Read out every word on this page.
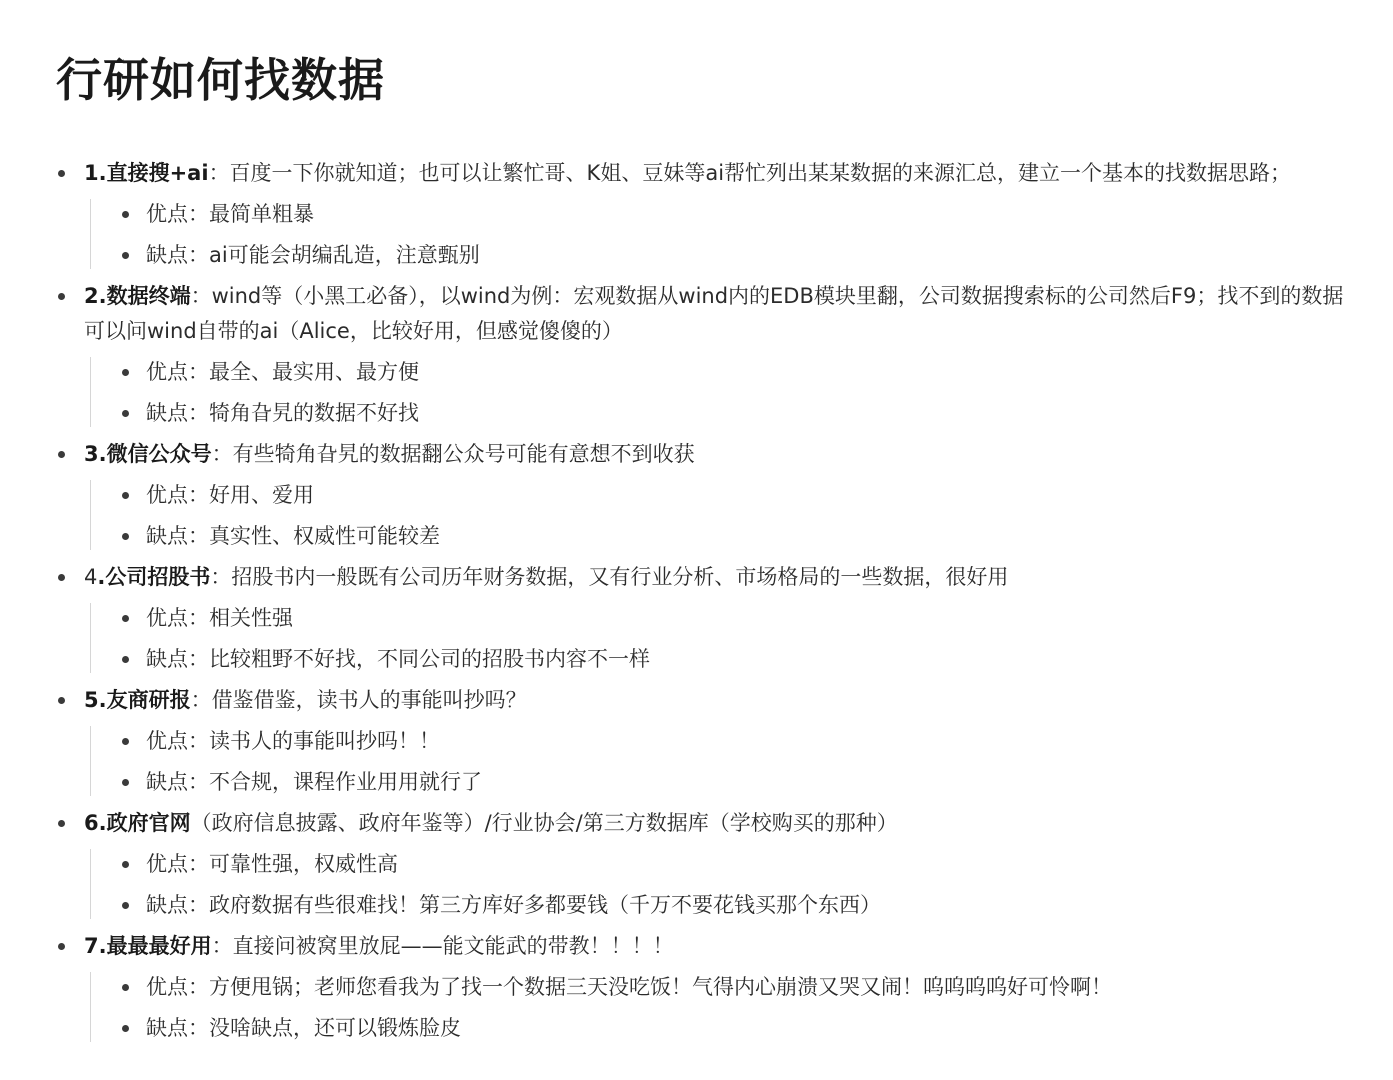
行研如何找数据

1.直接搜+ai：百度一下你就知道；也可以让繁忙哥、K姐、豆妹等ai帮忙列出某某数据的来源汇总，建立一个基本的找数据思路；

优点：最简单粗暴
缺点：ai可能会胡编乱造，注意甄别

2.数据终端：wind等（小黑工必备），以wind为例：宏观数据从wind内的EDB模块里翻，公司数据搜索标的公司然后F9；找不到的数据可以问wind自带的ai（Alice，比较好用，但感觉傻傻的）

优点：最全、最实用、最方便
缺点：犄角旮旯的数据不好找

3.微信公众号：有些犄角旮旯的数据翻公众号可能有意想不到收获

优点：好用、爱用
缺点：真实性、权威性可能较差

4.公司招股书：招股书内一般既有公司历年财务数据，又有行业分析、市场格局的一些数据，很好用

优点：相关性强
缺点：比较粗野不好找，不同公司的招股书内容不一样

5.友商研报：借鉴借鉴，读书人的事能叫抄吗？

优点：读书人的事能叫抄吗！！
缺点：不合规，课程作业用用就行了

6.政府官网（政府信息披露、政府年鉴等）/行业协会/第三方数据库（学校购买的那种）

优点：可靠性强，权威性高
缺点：政府数据有些很难找！第三方库好多都要钱（千万不要花钱买那个东西）

7.最最最好用：直接问被窝里放屁——能文能武的带教！！！！

优点：方便甩锅；老师您看我为了找一个数据三天没吃饭！气得内心崩溃又哭又闹！呜呜呜呜好可怜啊！
缺点：没啥缺点，还可以锻炼脸皮
